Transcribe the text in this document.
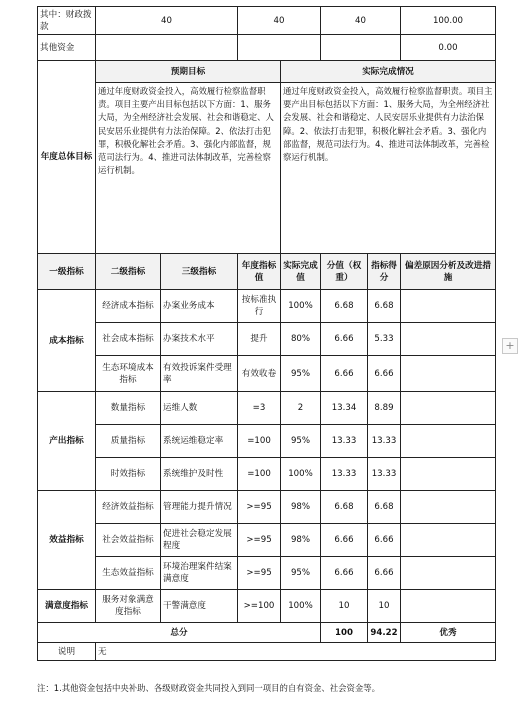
其中：财政拨款	40		40		40		100.00		
其他资金							0.00		
年度总体目标	预期目标			实际完成情况				
	通过年度财政资金投入，高效履行检察监督职责。项目主要产出目标包括以下方面：1、服务大局，为全州经济社会发展、社会和谐稳定、人民安居乐业提供有力法治保障。2、依法打击犯罪，积极化解社会矛盾。3、强化内部监督，规范司法行为。4、推进司法体制改革，完善检察运行机制。			通过年度财政资金投入，高效履行检察监督职责。项目主要产出目标包括以下方面：1、服务大局，为全州经济社会发展、社会和谐稳定、人民安居乐业提供有力法治保障。2、依法打击犯罪，积极化解社会矛盾。3、强化内部监督，规范司法行为。4、推进司法体制改革，完善检察运行机制。				
一级指标	二级指标	三级指标	年度指标值	实际完成值	分值（权重）	指标得分	偏差原因分析及改进措施	
成本指标	经济成本指标	办案业务成本	按标准执行	100%	6.68	6.68		
	社会成本指标	办案技术水平	提升	80%	6.66	5.33		
	生态环境成本指标	有效投诉案件受理率	有效收卷	95%	6.66	6.66		
产出指标	数量指标	运维人数	=3	2	13.34	8.89		
	质量指标	系统运维稳定率	=100	95%	13.33	13.33		
	时效指标	系统维护及时性	=100	100%	13.33	13.33		
效益指标	经济效益指标	管理能力提升情况	>=95	98%	6.68	6.68		
	社会效益指标	促进社会稳定发展程度	>=95	98%	6.66	6.66		
	生态效益指标	环境治理案件结案满意度	>=95	95%	6.66	6.66		
满意度指标	服务对象满意度指标	干警满意度	>=100	100%	10	10		
总分					100	94.22	优秀	
说明	无							
+
注：1.其他资金包括中央补助、各级财政资金共同投入到同一项目的自有资金、社会资金等。
